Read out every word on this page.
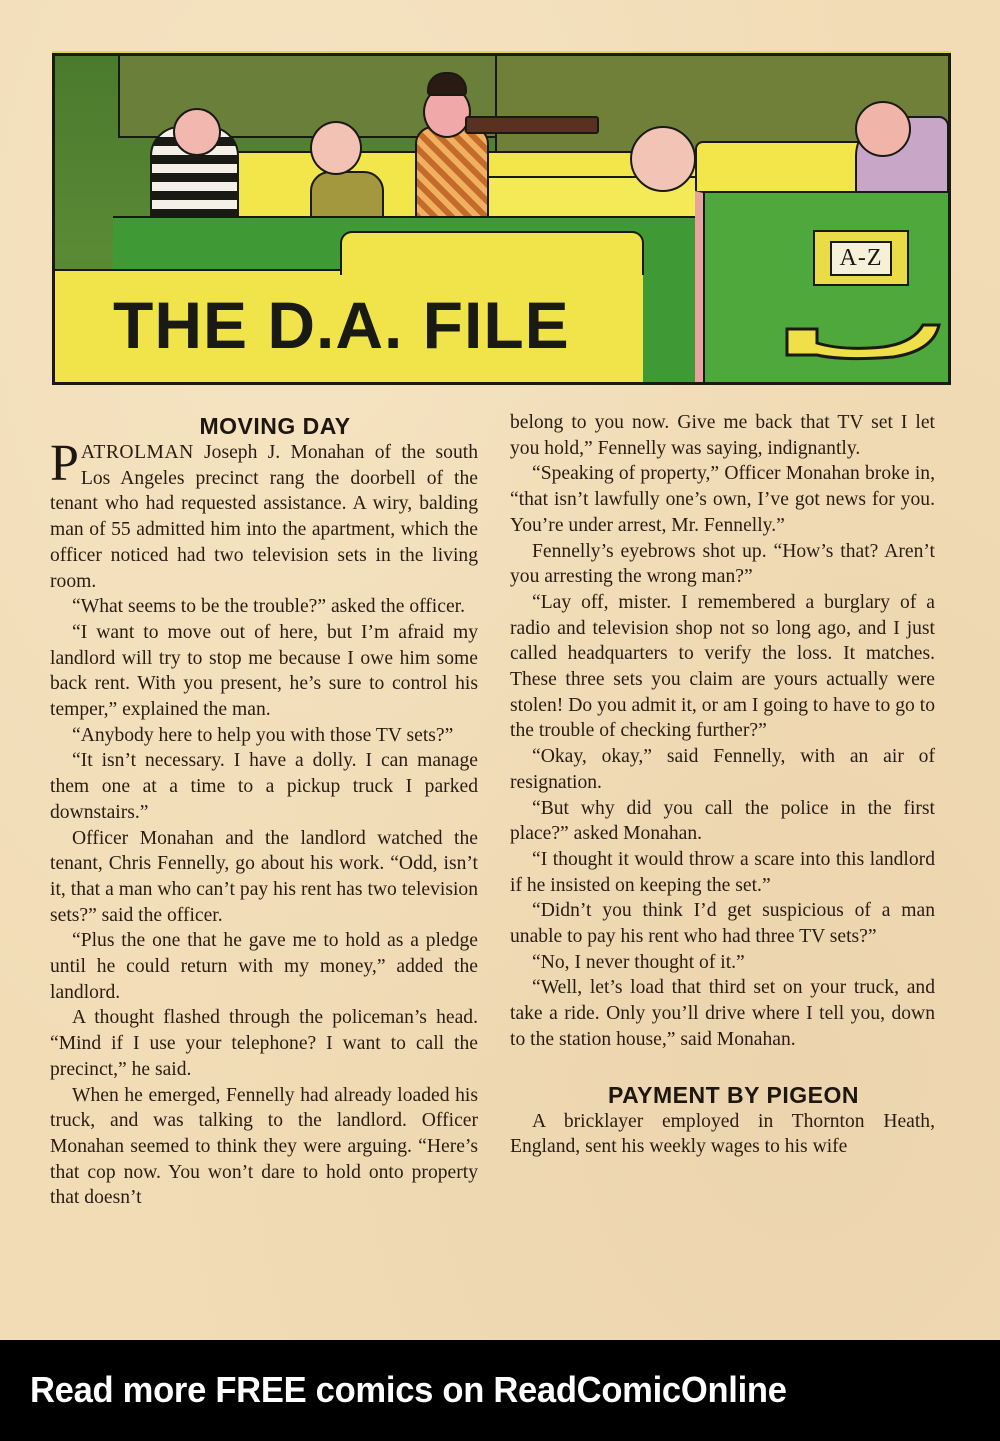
A-Z
THE D.A. FILE

MOVING DAY

PATROLMAN Joseph J. Monahan of the south Los Angeles precinct rang the doorbell of the tenant who had requested assistance. A wiry, balding man of 55 admitted him into the apartment, which the officer noticed had two television sets in the living room.

“What seems to be the trouble?” asked the officer.

“I want to move out of here, but I’m afraid my landlord will try to stop me because I owe him some back rent. With you present, he’s sure to control his temper,” explained the man.

“Anybody here to help you with those TV sets?”

“It isn’t necessary. I have a dolly. I can manage them one at a time to a pickup truck I parked downstairs.”

Officer Monahan and the landlord watched the tenant, Chris Fennelly, go about his work. “Odd, isn’t it, that a man who can’t pay his rent has two television sets?” said the officer.

“Plus the one that he gave me to hold as a pledge until he could return with my money,” added the landlord.

A thought flashed through the policeman’s head. “Mind if I use your telephone? I want to call the precinct,” he said.

When he emerged, Fennelly had already loaded his truck, and was talking to the landlord. Officer Monahan seemed to think they were arguing. “Here’s that cop now. You won’t dare to hold onto property that doesn’t

belong to you now. Give me back that TV set I let you hold,” Fennelly was saying, indignantly.

“Speaking of property,” Officer Monahan broke in, “that isn’t lawfully one’s own, I’ve got news for you. You’re under arrest, Mr. Fennelly.”

Fennelly’s eyebrows shot up. “How’s that? Aren’t you arresting the wrong man?”

“Lay off, mister. I remembered a burglary of a radio and television shop not so long ago, and I just called headquarters to verify the loss. It matches. These three sets you claim are yours actually were stolen! Do you admit it, or am I going to have to go to the trouble of checking further?”

“Okay, okay,” said Fennelly, with an air of resignation.

“But why did you call the police in the first place?” asked Monahan.

“I thought it would throw a scare into this landlord if he insisted on keeping the set.”

“Didn’t you think I’d get suspicious of a man unable to pay his rent who had three TV sets?”

“No, I never thought of it.”

“Well, let’s load that third set on your truck, and take a ride. Only you’ll drive where I tell you, down to the station house,” said Monahan.

PAYMENT BY PIGEON

A bricklayer employed in Thornton Heath, England, sent his weekly wages to his wife

Read more FREE comics on ReadComicOnline
